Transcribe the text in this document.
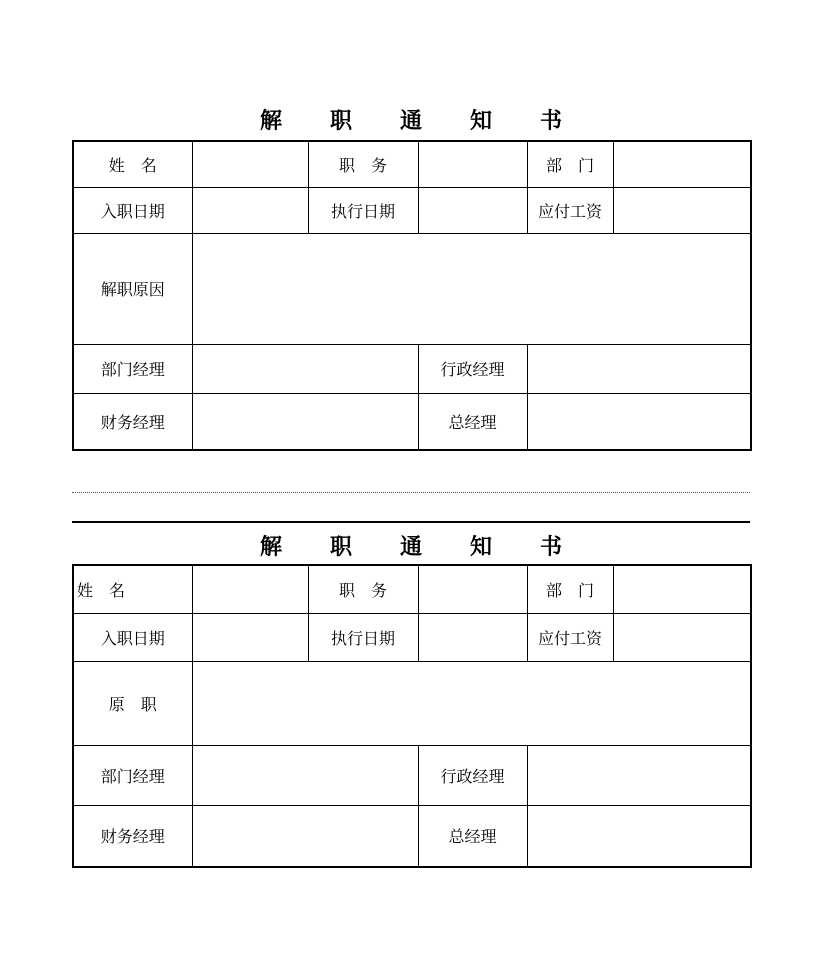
解 职 通 知 书
姓　名		职　务		部　门	
入职日期		执行日期		应付工资	
解职原因					
部门经理			行政经理		
财务经理			总经理		
解 职 通 知 书
姓　名		职　务		部　门	
入职日期		执行日期		应付工资	
原　职					
部门经理			行政经理		
财务经理			总经理		
